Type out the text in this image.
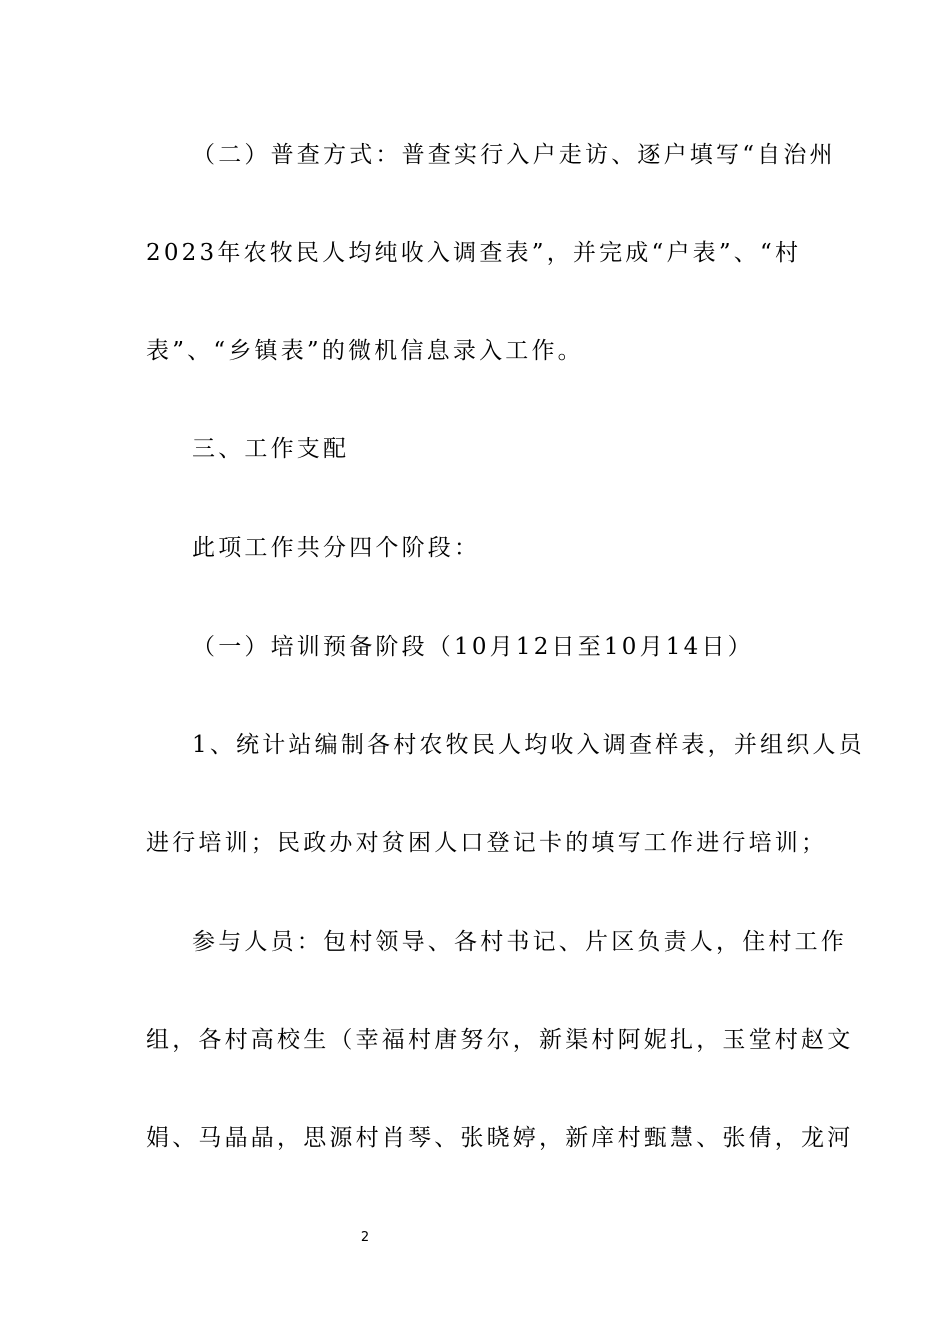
（二）普查方式：普查实行入户走访、逐户填写“自治州
2023年农牧民人均纯收入调查表”，并完成“户表”、“村
表”、“乡镇表”的微机信息录入工作。
三、工作支配
此项工作共分四个阶段：
（一）培训预备阶段（10月12日至10月14日）
1、统计站编制各村农牧民人均收入调查样表，并组织人员
进行培训；民政办对贫困人口登记卡的填写工作进行培训；
参与人员：包村领导、各村书记、片区负责人，住村工作
组，各村高校生（幸福村唐努尔，新渠村阿妮扎，玉堂村赵文
娟、马晶晶，思源村肖琴、张晓婷，新庠村甄慧、张倩，龙河
2
